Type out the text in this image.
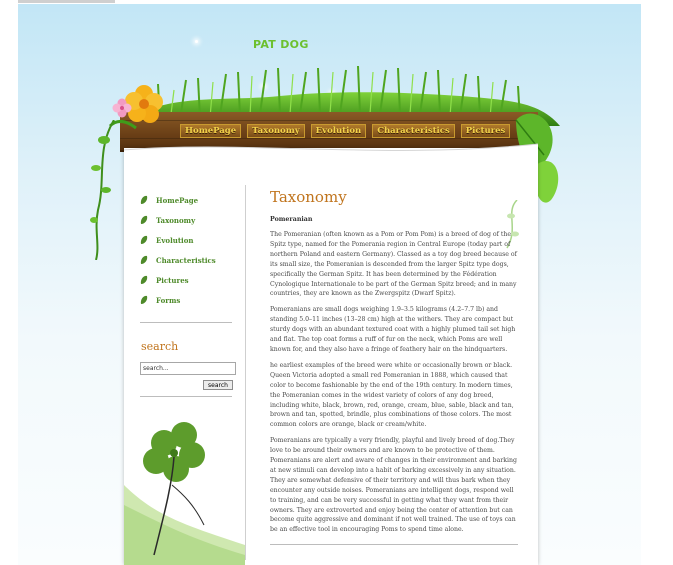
PAT DOG
HomePage	Taxonomy	Evolution	Characteristics	Pictures
HomePage
Taxonomy
Evolution
Characteristics
Pictures
Forms
search
search...
search
Taxonomy
Pomeranian

The Pomeranian (often known as a Pom or Pom Pom) is a breed of dog of the Spitz type, named for the Pomerania region in Central Europe (today part of northern Poland and eastern Germany). Classed as a toy dog breed because of its small size, the Pomeranian is descended from the larger Spitz type dogs, specifically the German Spitz. It has been determined by the Fédération Cynologique Internationale to be part of the German Spitz breed; and in many countries, they are known as the Zwergspitz (Dwarf Spitz).

Pomeranians are small dogs weighing 1.9–3.5 kilograms (4.2–7.7 lb) and standing 5.0–11 inches (13–28 cm) high at the withers. They are compact but sturdy dogs with an abundant textured coat with a highly plumed tail set high and flat. The top coat forms a ruff of fur on the neck, which Poms are well known for, and they also have a fringe of feathery hair on the hindquarters.

he earliest examples of the breed were white or occasionally brown or black. Queen Victoria adopted a small red Pomeranian in 1888, which caused that color to become fashionable by the end of the 19th century. In modern times, the Pomeranian comes in the widest variety of colors of any dog breed, including white, black, brown, red, orange, cream, blue, sable, black and tan, brown and tan, spotted, brindle, plus combinations of those colors. The most common colors are orange, black or cream/white.

Pomeranians are typically a very friendly, playful and lively breed of dog.They love to be around their owners and are known to be protective of them. Pomeranians are alert and aware of changes in their environment and barking at new stimuli can develop into a habit of barking excessively in any situation. They are somewhat defensive of their territory and will thus bark when they encounter any outside noises. Pomeranians are intelligent dogs, respond well to training, and can be very successful in getting what they want from their owners. They are extroverted and enjoy being the center of attention but can become quite aggressive and dominant if not well trained. The use of toys can be an effective tool in encouraging Poms to spend time alone.
